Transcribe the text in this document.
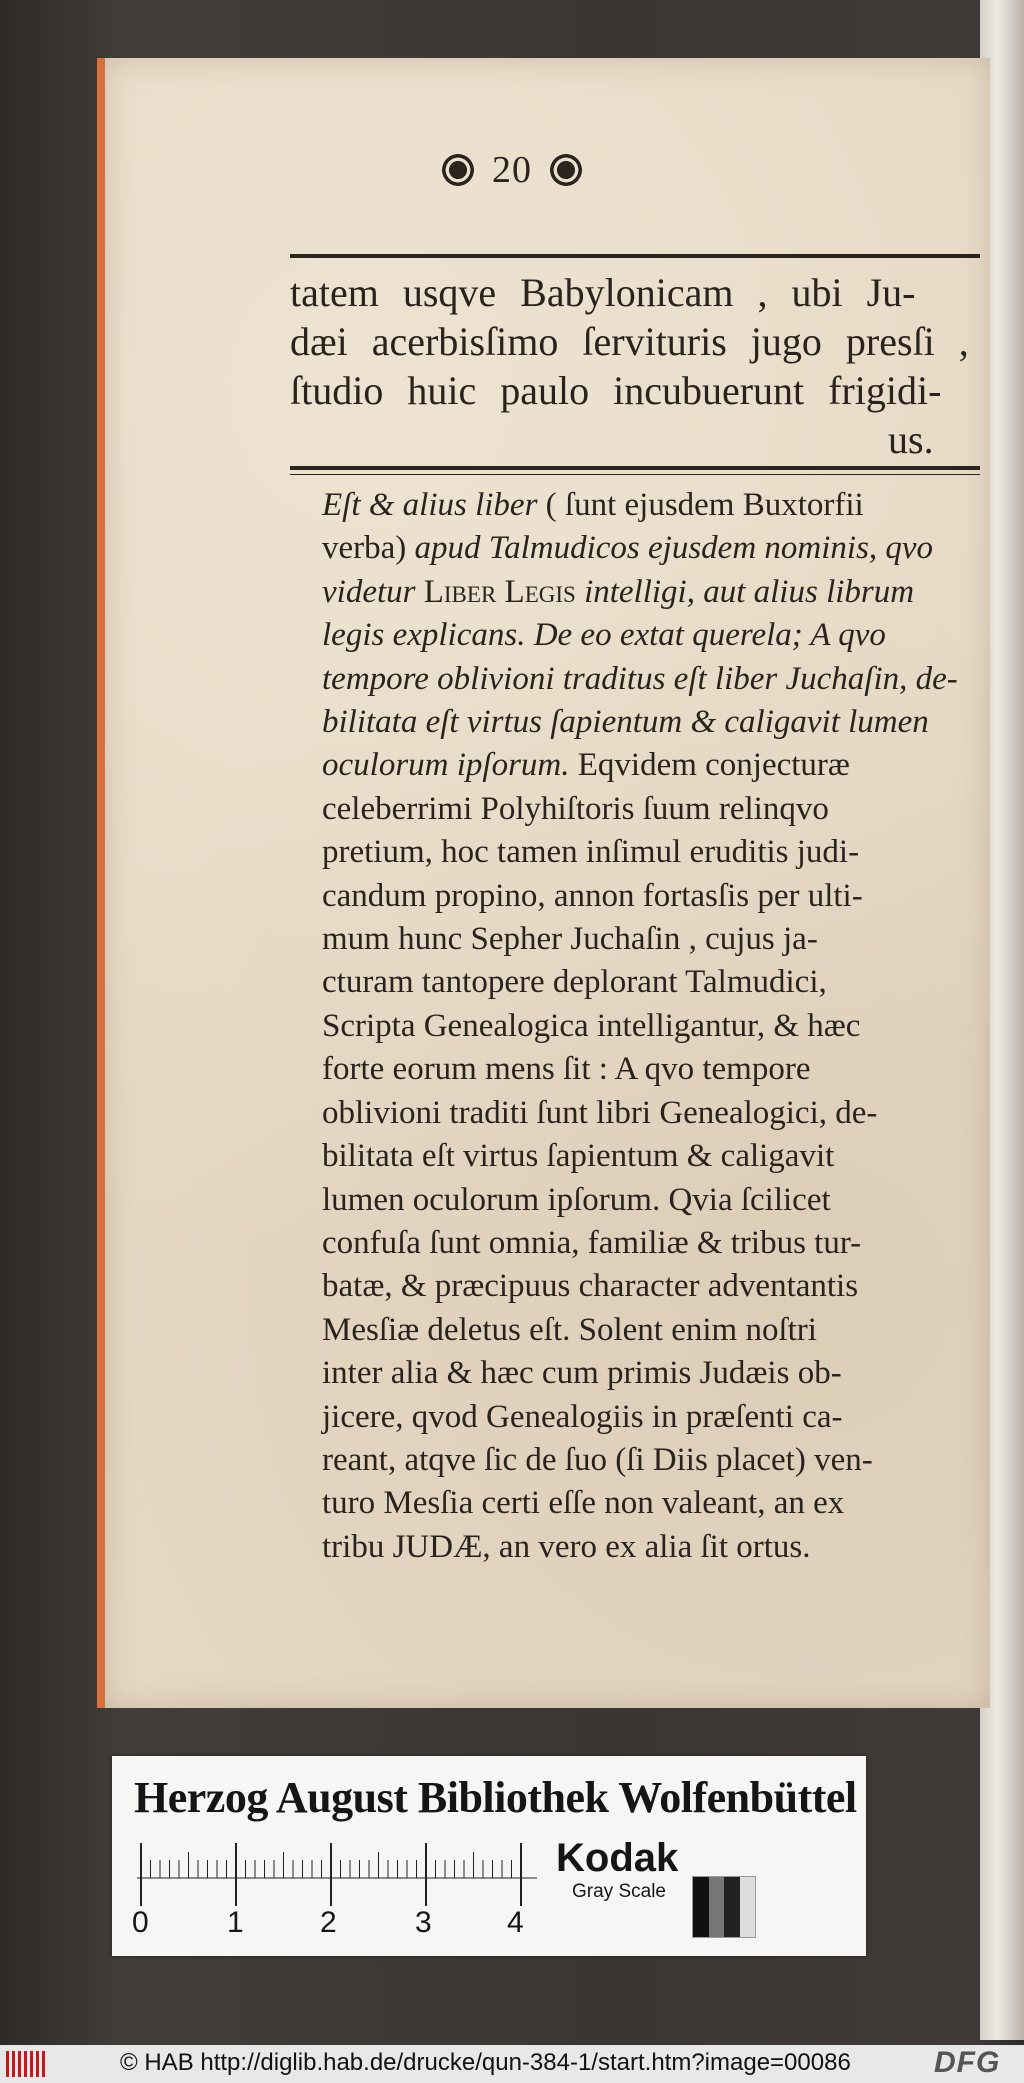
20
tatem usqve Babylonicam , ubi Ju-
dæi acerbisſimo ſervituris jugo presſi ,
ſtudio huic paulo incubuerunt frigidi-
us.
Eſt & alius liber ( ſunt ejusdem Buxtorfii
verba) apud Talmudicos ejusdem nominis, qvo
videtur Liber Legis intelligi, aut alius librum
legis explicans. De eo extat querela; A qvo
tempore oblivioni traditus eſt liber Juchaſin, de-
bilitata eſt virtus ſapientum & caligavit lumen
oculorum ipſorum. Eqvidem conjecturæ
celeberrimi Polyhiſtoris ſuum relinqvo
pretium, hoc tamen inſimul eruditis judi-
candum propino, annon fortasſis per ulti-
mum hunc Sepher Juchaſin , cujus ja-
cturam tantopere deplorant Talmudici,
Scripta Genealogica intelligantur, & hæc
forte eorum mens ſit : A qvo tempore
oblivioni traditi ſunt libri Genealogici, de-
bilitata eſt virtus ſapientum & caligavit
lumen oculorum ipſorum. Qvia ſcilicet
confuſa ſunt omnia, familiæ & tribus tur-
batæ, & præcipuus character adventantis
Mesſiæ deletus eſt. Solent enim noſtri
inter alia & hæc cum primis Judæis ob-
jicere, qvod Genealogiis in præſenti ca-
reant, atqve ſic de ſuo (ſi Diis placet) ven-
turo Mesſia certi eſſe non valeant, an ex
tribu JUDÆ, an vero ex alia ſit ortus.
Herzog August Bibliothek Wolfenbüttel
0	1	2	3	4
Kodak
Gray Scale
© HAB http://diglib.hab.de/drucke/qun-384-1/start.htm?image=00086	DFG
